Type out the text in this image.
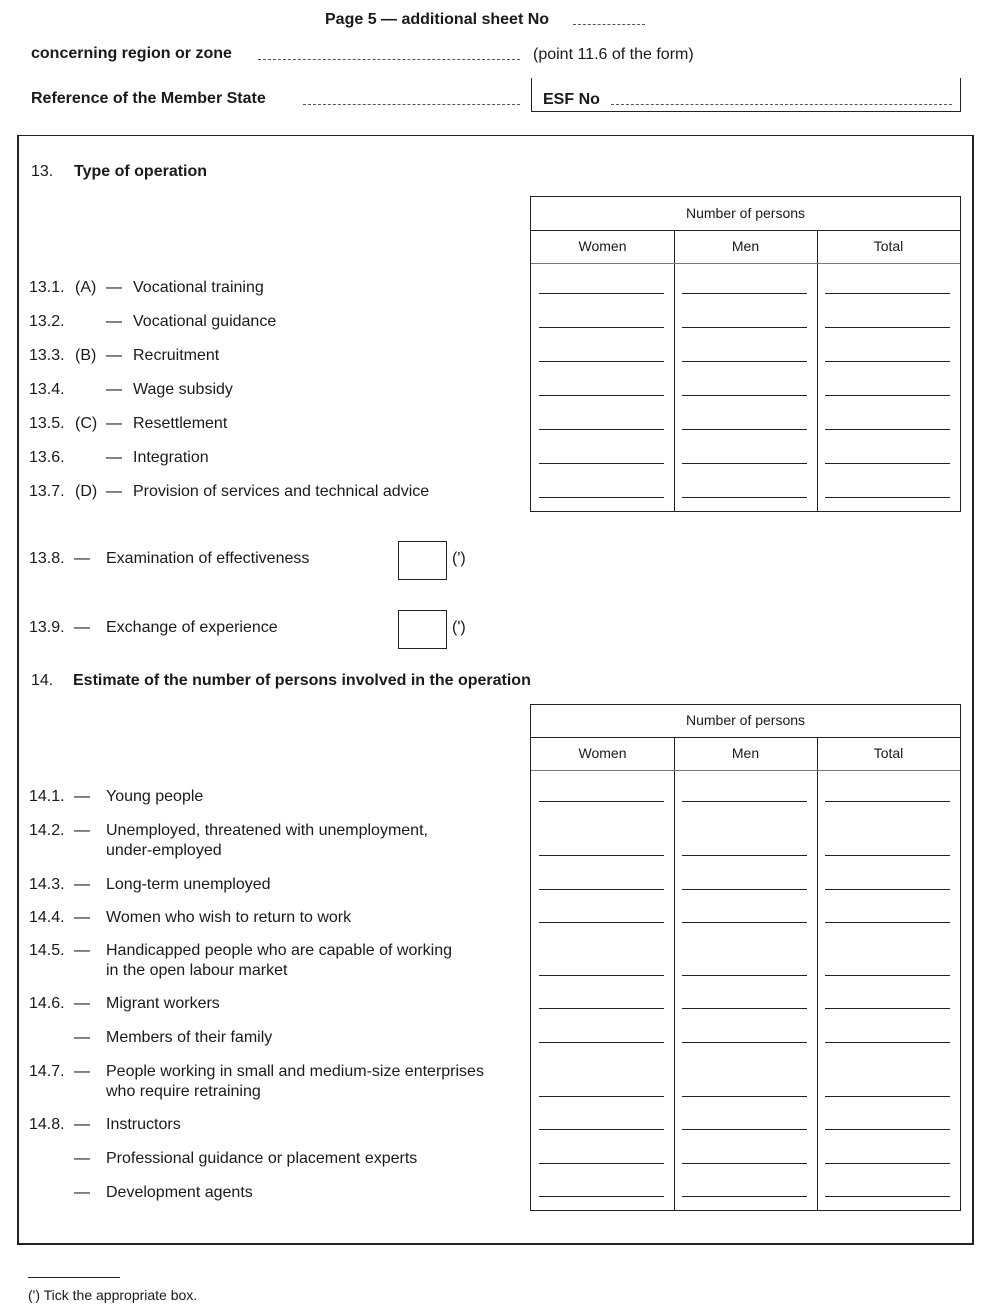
Page 5 — additional sheet No
concerning region or zone	(point 11.6 of the form)
Reference of the Member State	ESF No
13. Type of operation
Number of persons
Women	Men	Total
13.1. (A) — Vocational training
13.2.	— Vocational guidance
13.3. (B) — Recruitment
13.4.	— Wage subsidy
13.5. (C) — Resettlement
13.6.	— Integration
13.7. (D) — Provision of services and technical advice
13.8. — Examination of effectiveness	(')
13.9. — Exchange of experience	(')
14. Estimate of the number of persons involved in the operation
Number of persons
Women	Men	Total
14.1. — Young people
14.2. — Unemployed, threatened with unemployment,
under-employed
14.3. — Long-term unemployed
14.4. — Women who wish to return to work
14.5. — Handicapped people who are capable of working
in the open labour market
14.6. — Migrant workers
— Members of their family
14.7. — People working in small and medium-size enterprises
who require retraining
14.8. — Instructors
— Professional guidance or placement experts
— Development agents
(') Tick the appropriate box.
